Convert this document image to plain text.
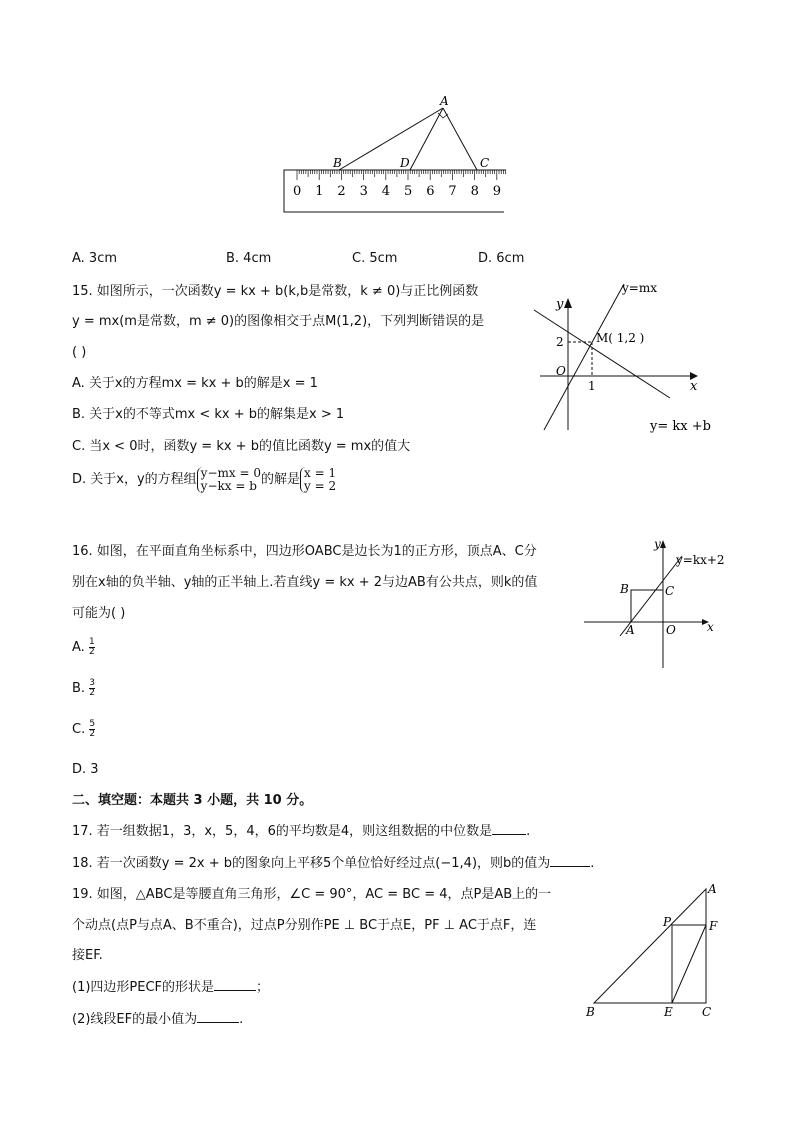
A
B	D	C
0 1 2 3 4 5 6 7 8 9
A. 3cm	B. 4cm	C. 5cm	D. 6cm
15. 如图所示，一次函数y = kx + b(k,b是常数，k ≠ 0)与正比例函数
y = mx(m是常数，m ≠ 0)的图像相交于点M(1,2)，下列判断错误的是
( )
A. 关于x的方程mx = kx + b的解是x = 1
B. 关于x的不等式mx < kx + b的解集是x > 1
C. 当x < 0时，函数y = kx + b的值比函数y = mx的值大
D. 关于x，y的方程组 y−mx = 0
y−kx = b 的解是 x = 1
y = 2
y
x
O
2
1
M( 1,2 )
y=mx
y= kx +b
16. 如图，在平面直角坐标系中，四边形OABC是边长为1的正方形，顶点A、C分
别在x轴的负半轴、y轴的正半轴上.若直线y = kx + 2与边AB有公共点，则k的值
可能为( )
A. $\frac{1}{2}$
B. $\frac{3}{2}$
C. $\frac{5}{2}$
D. 3
y
x
y=kx+2
B	C
A	O
二、填空题：本题共 3 小题，共 10 分。
17. 若一组数据1，3，x，5，4，6的平均数是4，则这组数据的中位数是	.
18. 若一次函数y = 2x + b的图象向上平移5个单位恰好经过点(−1,4)，则b的值为	.
19. 如图，△ABC是等腰直角三角形，∠C = 90°，AC = BC = 4，点P是AB上的一
个动点(点P与点A、B不重合)，过点P分别作PE ⊥ BC于点E，PF ⊥ AC于点F，连
接EF.
(1)四边形PECF的形状是	；
(2)线段EF的最小值为	.
A
P	F
B	E C
